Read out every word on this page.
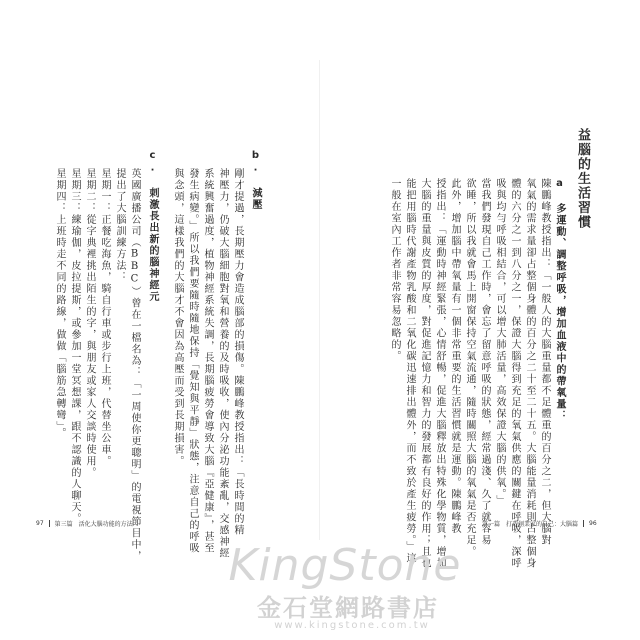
益腦的生活習慣
a 多運動、調整呼吸，增加血液中的帶氧量：
陳鵬峰教授指出：「一般人的大腦重量都不足體重的百分之二，但大腦對
氧氣的需求量卻占整個身體的百分之二十至二十五。大腦能量消耗則占整個身
體的六分之一到八分之一，保證大腦得到充足的氧氣供應的關鍵在呼吸，深呼
吸與均勻呼吸相結合，可以增大肺活量，高效保證大腦的供氧。」
當我們發現自己工作時，會忘了留意呼吸的狀態，經常過淺、久了就容易
欲睡，所以我就會馬上開窗保持空氣流通，隨時關照大腦的氧氣是否充足。
此外，增加腦中帶氧量有一個非常重要的生活習慣就是運動。陳鵬峰教
授指出：「運動時神經緊張，心情舒暢，促進大腦釋放出特殊化學物質，增加
大腦的重量與皮質的厚度，對促進記憶力和智力的發展都有良好的作用；且也
能把用腦時代謝產物乳酸和二氧化碳迅速排出體外，而不致於產生疲勞。」這
一般在室內工作者非常容易忽略的。
第一篇　打造創業家的自己：大腦篇 96
b. 減壓
剛才提過，長期壓力會造成腦部的損傷。陳鵬峰教授指出：「長時間的精
神壓力，仍破大腦細胞對氧和營養的及時吸收，使內分泌功能紊亂，交感神經
系統興奮過度，植物神經系統失調，長期腦疲勞會導致大腦『亞健康』，甚至
發生病變。」所以我們要隨時隨地保持「覺知與平靜」狀態，注意自己的呼吸
與念頭，這樣我們的大腦才不會因為高壓而受到長期損害。
c. 刺激長出新的腦神經元
英國廣播公司（BBC）曾在一檔名為：「一周使你更聰明」的電視節目中，
提出了大腦訓練方法：
星期一：正餐吃海魚，騎自行車或步行上班，代替坐公車。
星期二：從字典裡挑出陌生的字，與朋友或家人交談時使用。
星期三：練瑜伽，皮拉提斯，或參加一堂冥想課，跟不認識的人聊天。
星期四：上班時走不同的路線，做做「腦筋急轉彎」。
97 第三篇　活化大腦功能的方法
KingStone
金石堂網路書店
www.kingstone.com.tw
